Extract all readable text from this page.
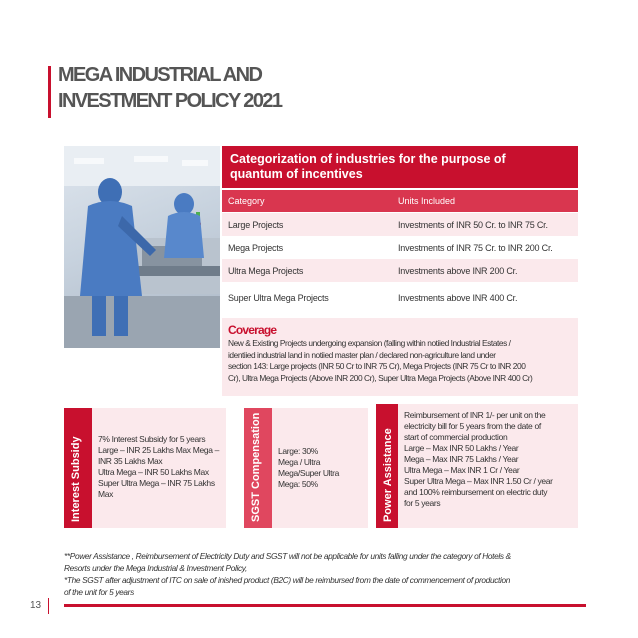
MEGA INDUSTRIAL AND
INVESTMENT POLICY 2021
Categorization of industries for the purpose of
quantum of incentives
Category	Units Included
Large Projects	Investments of INR 50 Cr. to INR 75 Cr.
Mega Projects	Investments of INR 75 Cr. to INR 200 Cr.
Ultra Mega Projects	Investments above INR 200 Cr.
Super Ultra Mega Projects	Investments above INR 400 Cr.
Coverage
New & Existing Projects undergoing expansion (falling within notiied Industrial Estates /
identiied industrial land in notiied master plan / declared non-agriculture land under
section 143: Large projects (INR 50 Cr to INR 75 Cr), Mega Projects (INR 75 Cr to INR 200
Cr), Ultra Mega Projects (Above INR 200 Cr), Super Ultra Mega Projects (Above INR 400 Cr)
Interest Subsidy	7% Interest Subsidy for 5 years
Large – INR 25 Lakhs Max Mega –
INR 35 Lakhs Max
Ultra Mega – INR 50 Lakhs Max
Super Ultra Mega – INR 75 Lakhs
Max	SGST Compensation	Large: 30%
Mega / Ultra
Mega/Super Ultra
Mega: 50%	Power Assistance
Reimbursement of INR 1/- per unit on the
electricity bill for 5 years from the date of
start of commercial production
Large – Max INR 50 Lakhs / Year
Mega – Max INR 75 Lakhs / Year
Ultra Mega – Max INR 1 Cr / Year
Super Ultra Mega – Max INR 1.50 Cr / year
and 100% reimbursement on electric duty
for 5 years
**Power Assistance , Reimbursement of Electricity Duty and SGST will not be applicable for units falling under the category of Hotels &
Resorts under the Mega Industrial & Investment Policy,
*The SGST after adjustment of ITC on sale of inished product (B2C) will be reimbursed from the date of commencement of production
of the unit for 5 years
13
